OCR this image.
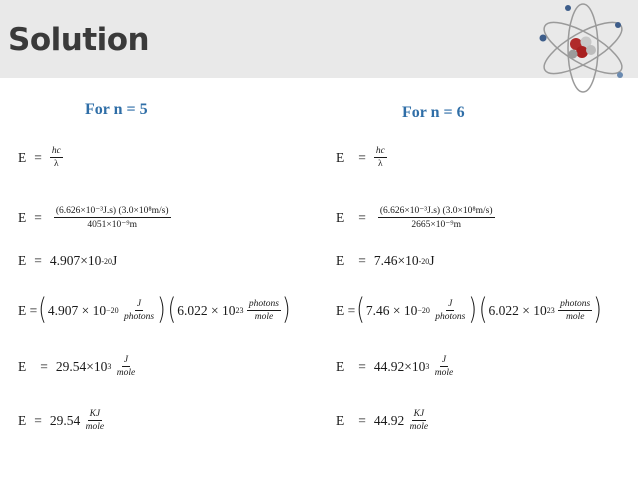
Solution
For n = 5
$E = \frac{hc}{\lambda}$
$E = \frac{\text{(6.626×10⁻³J.s) (3.0×10⁸m/s)}}{\text{4051×10⁻⁹m}}$
E = 4.907×10 -20 J
E = ( 4.907 × 10 −20
$\frac{J}{\text{photons}}$ ) ( 6.022 × 10 23
$\frac{\text{photons}}{\text{mole}}$ )
E = 29.54×10 3
$\frac{J}{\text{mole}}$
E = 29.54
$\frac{KJ}{\text{mole}}$
For n = 6
$E = \frac{hc}{\lambda}$
$E = \frac{\text{(6.626×10⁻³J.s) (3.0×10⁸m/s)}}{\text{2665×10⁻⁹m}}$
E = 7.46×10 -20 J
E = ( 7.46 × 10 −20
$\frac{J}{\text{photons}}$ ) ( 6.022 × 10 23
$\frac{\text{photons}}{\text{mole}}$ )
E = 44.92×10 3
$\frac{J}{\text{mole}}$
E = 44.92
$\frac{KJ}{\text{mole}}$
